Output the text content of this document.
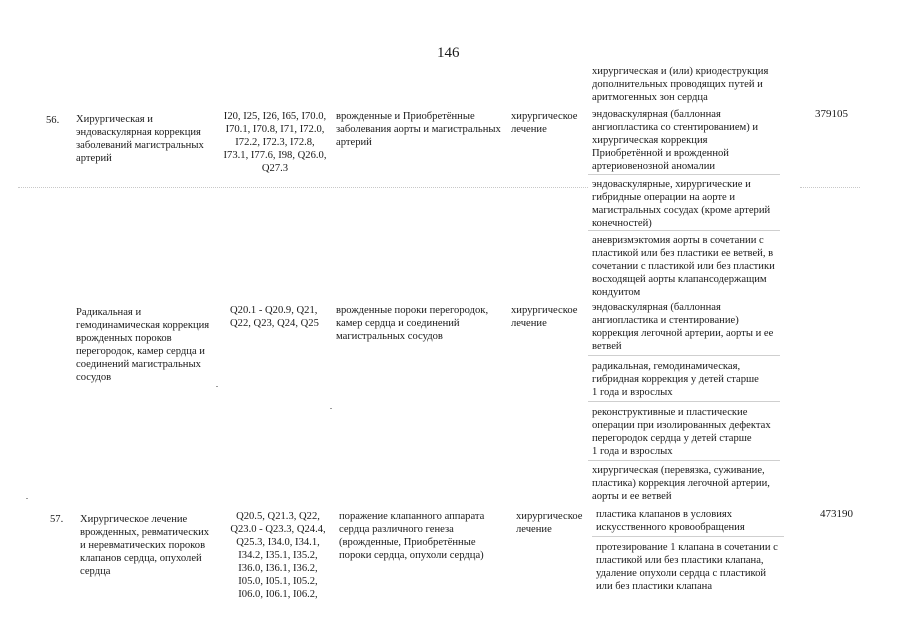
146
хирургическая и (или) криодеструкция
дополнительных проводящих путей и
аритмогенных зон сердца
56. Хирургическая и
эндоваскулярная коррекция
заболеваний магистральных
артерий
I20, I25, I26, I65, I70.0,
I70.1, I70.8, I71, I72.0,
I72.2, I72.3, I72.8,
I73.1, I77.6, I98, Q26.0,
Q27.3
врожденные и Приобретённые
заболевания аорты и магистральных
артерий
хирургическое
лечение
эндоваскулярная (баллонная
ангиопластика со стентированием) и
хирургическая коррекция
Приобретённой и врожденной
артериовенозной аномалии
379105
эндоваскулярные, хирургические и
гибридные операции на аорте и
магистральных сосудах (кроме артерий
конечностей)
аневризмэктомия аорты в сочетании с
пластикой или без пластики ее ветвей, в
сочетании с пластикой или без пластики
восходящей аорты клапансодержащим
кондуитом
Радикальная и
гемодинамическая коррекция
врожденных пороков
перегородок, камер сердца и
соединений магистральных
сосудов
Q20.1 - Q20.9, Q21,
Q22, Q23, Q24, Q25
врожденные пороки перегородок,
камер сердца и соединений
магистральных сосудов
хирургическое
лечение
эндоваскулярная (баллонная
ангиопластика и стентирование)
коррекция легочной артерии, аорты и ее
ветвей
радикальная, гемодинамическая,
гибридная коррекция у детей старше
1 года и взрослых
реконструктивные и пластические
операции при изолированных дефектах
перегородок сердца у детей старше
1 года и взрослых
хирургическая (перевязка, суживание,
пластика) коррекция легочной артерии,
аорты и ее ветвей
57. Хирургическое лечение
врожденных, ревматических
и неревматических пороков
клапанов сердца, опухолей
сердца
Q20.5, Q21.3, Q22,
Q23.0 - Q23.3, Q24.4,
Q25.3, I34.0, I34.1,
I34.2, I35.1, I35.2,
I36.0, I36.1, I36.2,
I05.0, I05.1, I05.2,
I06.0, I06.1, I06.2,
поражение клапанного аппарата
сердца различного генеза
(врожденные, Приобретённые
пороки сердца, опухоли сердца)
хирургическое
лечение
пластика клапанов в условиях
искусственного кровообращения
473190
протезирование 1 клапана в сочетании с
пластикой или без пластики клапана,
удаление опухоли сердца с пластикой
или без пластики клапана
